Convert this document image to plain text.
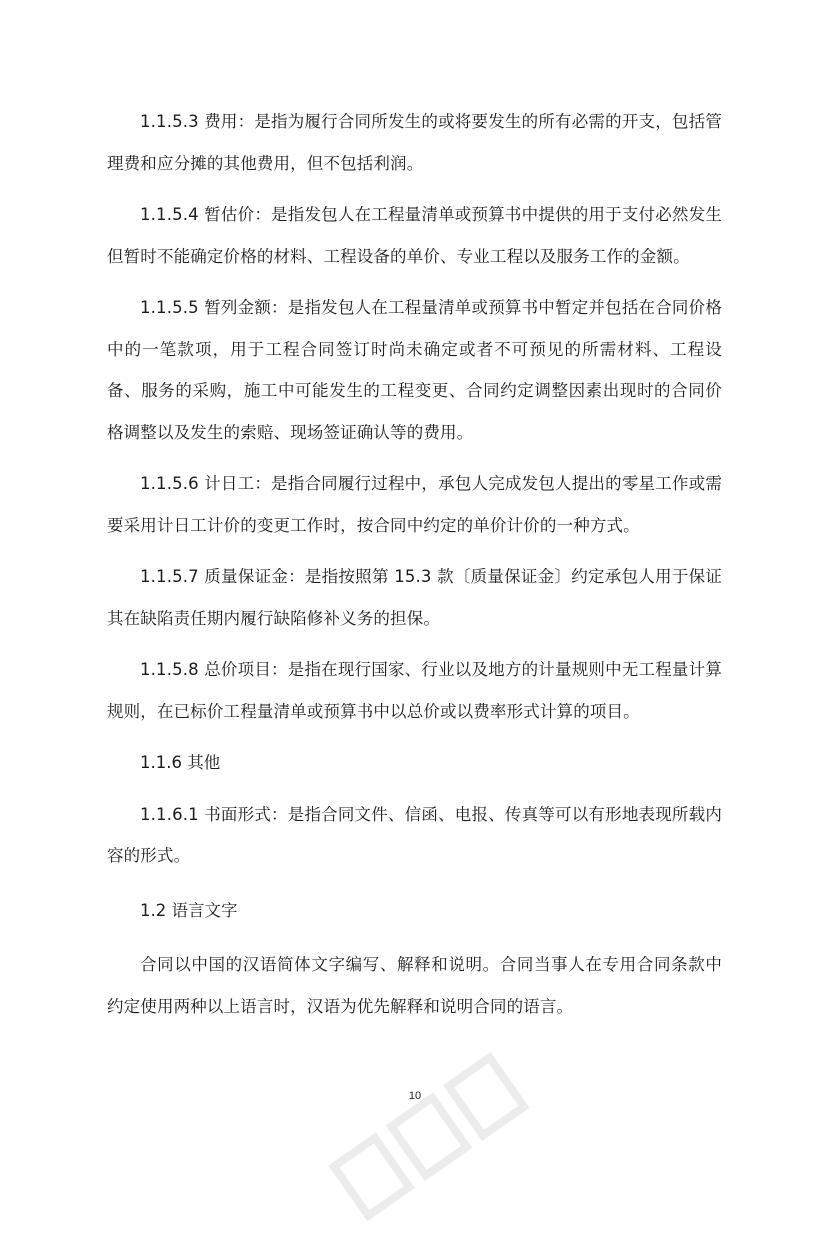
1.1.5.3 费用：是指为履行合同所发生的或将要发生的所有必需的开支，包括管理费和应分摊的其他费用，但不包括利润。

1.1.5.4 暂估价：是指发包人在工程量清单或预算书中提供的用于支付必然发生但暂时不能确定价格的材料、工程设备的单价、专业工程以及服务工作的金额。

1.1.5.5 暂列金额：是指发包人在工程量清单或预算书中暂定并包括在合同价格中的一笔款项，用于工程合同签订时尚未确定或者不可预见的所需材料、工程设备、服务的采购，施工中可能发生的工程变更、合同约定调整因素出现时的合同价格调整以及发生的索赔、现场签证确认等的费用。

1.1.5.6 计日工：是指合同履行过程中，承包人完成发包人提出的零星工作或需要采用计日工计价的变更工作时，按合同中约定的单价计价的一种方式。

1.1.5.7 质量保证金：是指按照第 15.3 款〔质量保证金〕约定承包人用于保证其在缺陷责任期内履行缺陷修补义务的担保。

1.1.5.8 总价项目：是指在现行国家、行业以及地方的计量规则中无工程量计算规则，在已标价工程量清单或预算书中以总价或以费率形式计算的项目。

1.1.6 其他

1.1.6.1 书面形式：是指合同文件、信函、电报、传真等可以有形地表现所载内容的形式。

1.2 语言文字

合同以中国的汉语简体文字编写、解释和说明。合同当事人在专用合同条款中约定使用两种以上语言时，汉语为优先解释和说明合同的语言。

10
